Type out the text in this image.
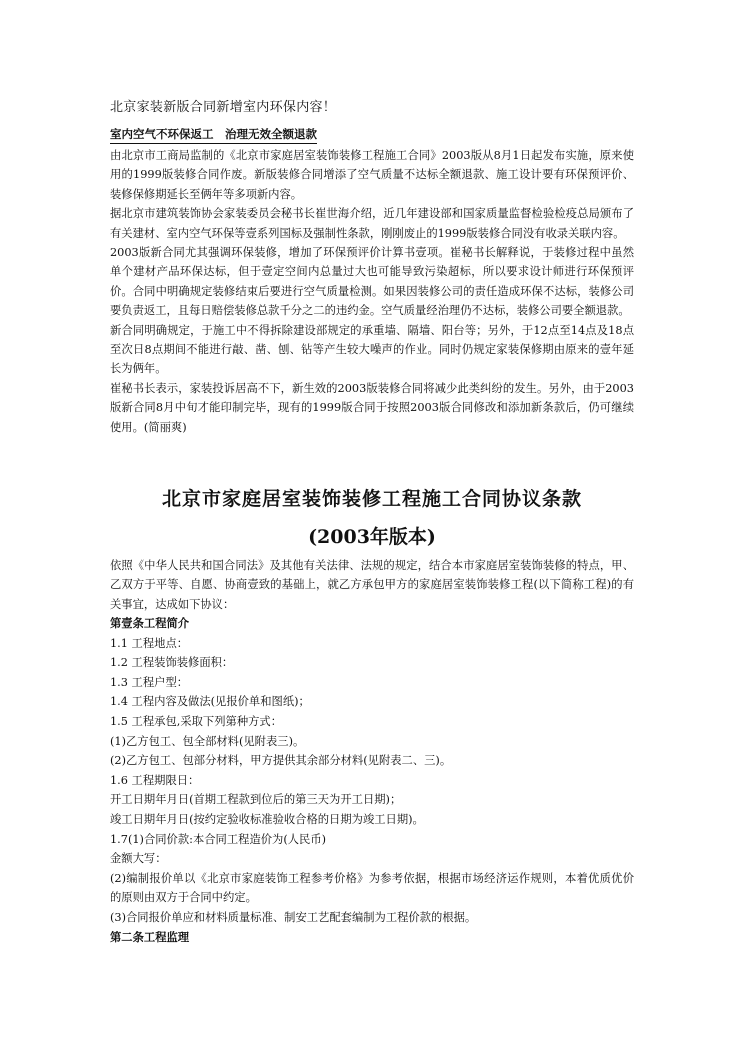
北京家装新版合同新增室内环保内容！
室内空气不环保返工　治理无效全额退款

由北京市工商局监制的《北京市家庭居室装饰装修工程施工合同》2003版从8月1日起发布实施，原来使用的1999版装修合同作废。新版装修合同增添了空气质量不达标全额退款、施工设计要有环保预评价、装修保修期延长至俩年等多项新内容。

据北京市建筑装饰协会家装委员会秘书长崔世海介绍，近几年建设部和国家质量监督检验检疫总局颁布了有关建材、室内空气环保等壹系列国标及强制性条款，刚刚废止的1999版装修合同没有收录关联内容。

2003版新合同尤其强调环保装修，增加了环保预评价计算书壹项。崔秘书长解释说，于装修过程中虽然单个建材产品环保达标，但于壹定空间内总量过大也可能导致污染超标，所以要求设计师进行环保预评价。合同中明确规定装修结束后要进行空气质量检测。如果因装修公司的责任造成环保不达标，装修公司要负责返工，且每日赔偿装修总款千分之二的违约金。空气质量经治理仍不达标，装修公司要全额退款。

新合同明确规定，于施工中不得拆除建设部规定的承重墙、隔墙、阳台等；另外，于12点至14点及18点至次日8点期间不能进行敲、凿、刨、钻等产生较大噪声的作业。同时仍规定家装保修期由原来的壹年延长为俩年。

崔秘书长表示，家装投诉居高不下，新生效的2003版装修合同将减少此类纠纷的发生。另外，由于2003版新合同8月中旬才能印制完毕，现有的1999版合同于按照2003版合同修改和添加新条款后，仍可继续使用。(简丽爽)

北京市家庭居室装饰装修工程施工合同协议条款
(2003年版本)

依照《中华人民共和国合同法》及其他有关法律、法规的规定，结合本市家庭居室装饰装修的特点，甲、乙双方于平等、自愿、协商壹致的基础上，就乙方承包甲方的家庭居室装饰装修工程(以下简称工程)的有关事宜，达成如下协议：

第壹条工程简介
1.1 工程地点：
1.2 工程装饰装修面积：
1.3 工程户型：
1.4 工程内容及做法(见报价单和图纸)；
1.5 工程承包,采取下列第种方式：
(1)乙方包工、包全部材料(见附表三)。
(2)乙方包工、包部分材料，甲方提供其余部分材料(见附表二、三)。
1.6 工程期限日：
开工日期年月日(首期工程款到位后的第三天为开工日期)；
竣工日期年月日(按约定验收标准验收合格的日期为竣工日期)。
1.7(1)合同价款:本合同工程造价为(人民币)
金额大写：
(2)编制报价单以《北京市家庭装饰工程参考价格》为参考依据，根据市场经济运作规则，本着优质优价的原则由双方于合同中约定。
(3)合同报价单应和材料质量标准、制安工艺配套编制为工程价款的根据。
第二条工程监理
